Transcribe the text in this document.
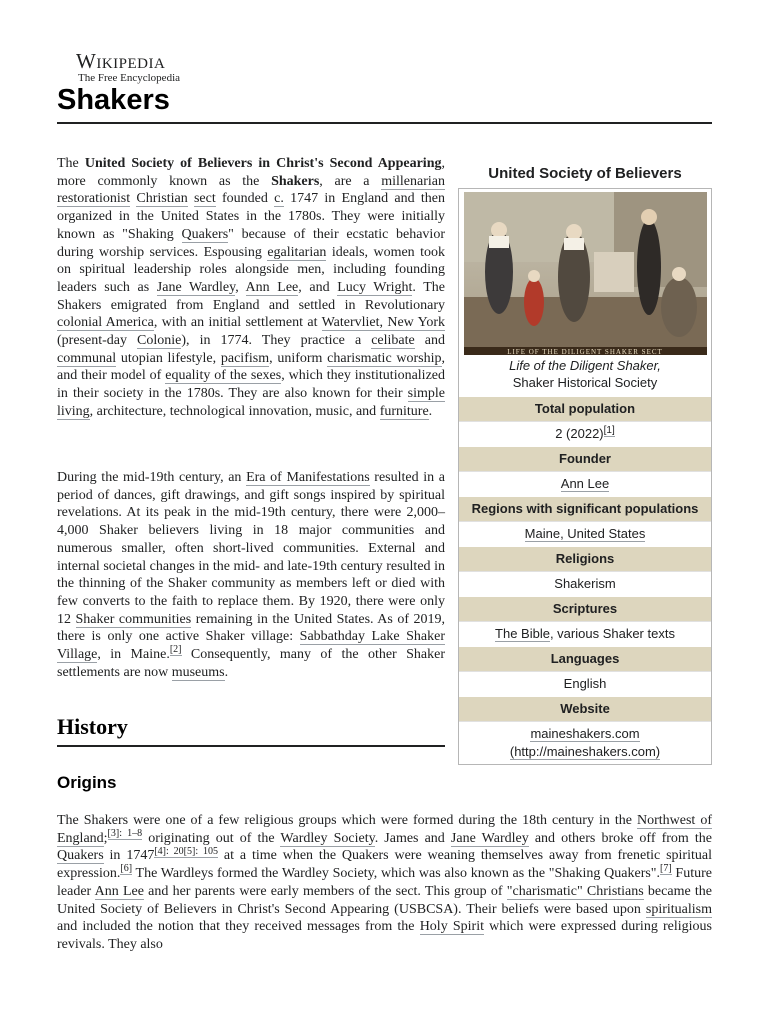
Wikipedia
The Free Encyclopedia
Shakers

The United Society of Believers in Christ's Second Appearing, more commonly known as the Shakers, are a millenarian restorationist Christian sect founded c. 1747 in England and then organized in the United States in the 1780s. They were initially known as "Shaking Quakers" because of their ecstatic behavior during worship services. Espousing egalitarian ideals, women took on spiritual leadership roles alongside men, including founding leaders such as Jane Wardley, Ann Lee, and Lucy Wright. The Shakers emigrated from England and settled in Revolutionary colonial America, with an initial settlement at Watervliet, New York (present-day Colonie), in 1774. They practice a celibate and communal utopian lifestyle, pacifism, uniform charismatic worship, and their model of equality of the sexes, which they institutionalized in their society in the 1780s. They are also known for their simple living, architecture, technological innovation, music, and furniture.

During the mid-19th century, an Era of Manifestations resulted in a period of dances, gift drawings, and gift songs inspired by spiritual revelations. At its peak in the mid-19th century, there were 2,000–4,000 Shaker believers living in 18 major communities and numerous smaller, often short-lived communities. External and internal societal changes in the mid- and late-19th century resulted in the thinning of the Shaker community as members left or died with few converts to the faith to replace them. By 1920, there were only 12 Shaker communities remaining in the United States. As of 2019, there is only one active Shaker village: Sabbathday Lake Shaker Village, in Maine.[2] Consequently, many of the other Shaker settlements are now museums.

History
Origins

The Shakers were one of a few religious groups which were formed during the 18th century in the Northwest of England;$^{[3]: 1-8}$ originating out of the Wardley Society. James and Jane Wardley and others broke off from the Quakers in $1747^{[4]: 20[5]: 105}$ at a time when the Quakers were weaning themselves away from frenetic spiritual expression.[6] The Wardleys formed the Wardley Society, which was also known as the "Shaking Quakers".[7] Future leader Ann Lee and her parents were early members of the sect. This group of "charismatic" Christians became the United Society of Believers in Christ's Second Appearing (USBCSA). Their beliefs were based upon spiritualism and included the notion that they received messages from the Holy Spirit which were expressed during religious revivals. They also

United Society of Believers
LIFE OF THE DILIGENT SHAKER SECT
Life of the Diligent Shaker,
Shaker Historical Society
Total population
2 (2022)[1]
Founder
Ann Lee
Regions with significant populations
Maine, United States
Religions
Shakerism
Scriptures
The Bible, various Shaker texts
Languages
English
Website
maineshakers.com (http://maineshakers.com)
